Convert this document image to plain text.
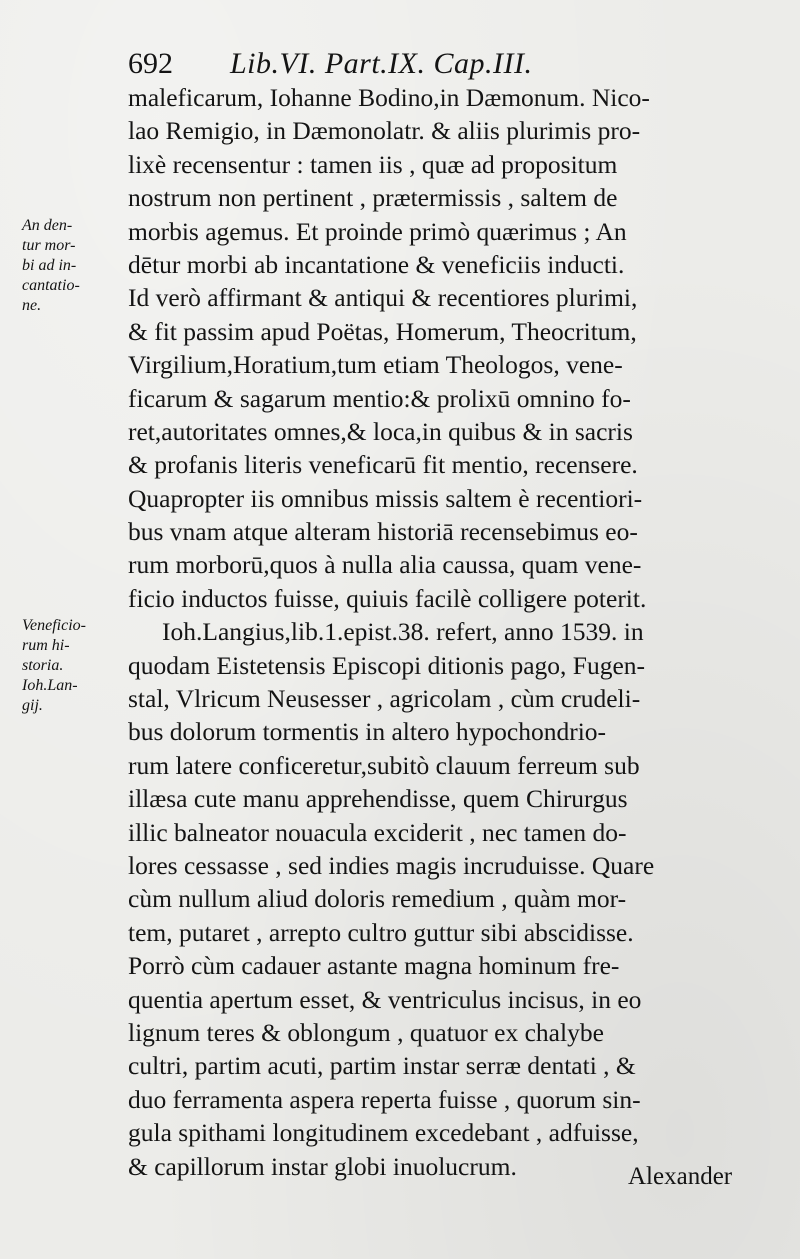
692 Lib.VI. Part.IX. Cap.III.
An den-
tur mor-
bi ad in-
cantatio-
ne.
Veneficio-
rum hi-
storia.
Ioh.Lan-
gij.
maleficarum, Iohanne Bodino,in Dæmonum. Nico-
lao Remigio, in Dæmonolatr. & aliis plurimis pro-
lixè recensentur : tamen iis , quæ ad propositum
nostrum non pertinent , prætermissis , saltem de
morbis agemus. Et proinde primò quærimus ; An
dētur morbi ab incantatione & veneficiis inducti.
Id verò affirmant & antiqui & recentiores plurimi,
& fit passim apud Poëtas, Homerum, Theocritum,
Virgilium,Horatium,tum etiam Theologos, vene-
ficarum & sagarum mentio:& prolixū omnino fo-
ret,autoritates omnes,& loca,in quibus & in sacris
& profanis literis veneficarū fit mentio, recensere.
Quapropter iis omnibus missis saltem è recentiori-
bus vnam atque alteram historiā recensebimus eo-
rum morborū,quos à nulla alia caussa, quam vene-
ficio inductos fuisse, quiuis facilè colligere poterit.
Ioh.Langius,lib.1.epist.38. refert, anno 1539. in
quodam Eistetensis Episcopi ditionis pago, Fugen-
stal, Vlricum Neusesser , agricolam , cùm crudeli-
bus dolorum tormentis in altero hypochondrio-
rum latere conficeretur,subitò clauum ferreum sub
illæsa cute manu apprehendisse, quem Chirurgus
illic balneator nouacula exciderit , nec tamen do-
lores cessasse , sed indies magis incruduisse. Quare
cùm nullum aliud doloris remedium , quàm mor-
tem, putaret , arrepto cultro guttur sibi abscidisse.
Porrò cùm cadauer astante magna hominum fre-
quentia apertum esset, & ventriculus incisus, in eo
lignum teres & oblongum , quatuor ex chalybe
cultri, partim acuti, partim instar serræ dentati , &
duo ferramenta aspera reperta fuisse , quorum sin-
gula spithami longitudinem excedebant , adfuisse,
& capillorum instar globi inuolucrum.	Alexander
